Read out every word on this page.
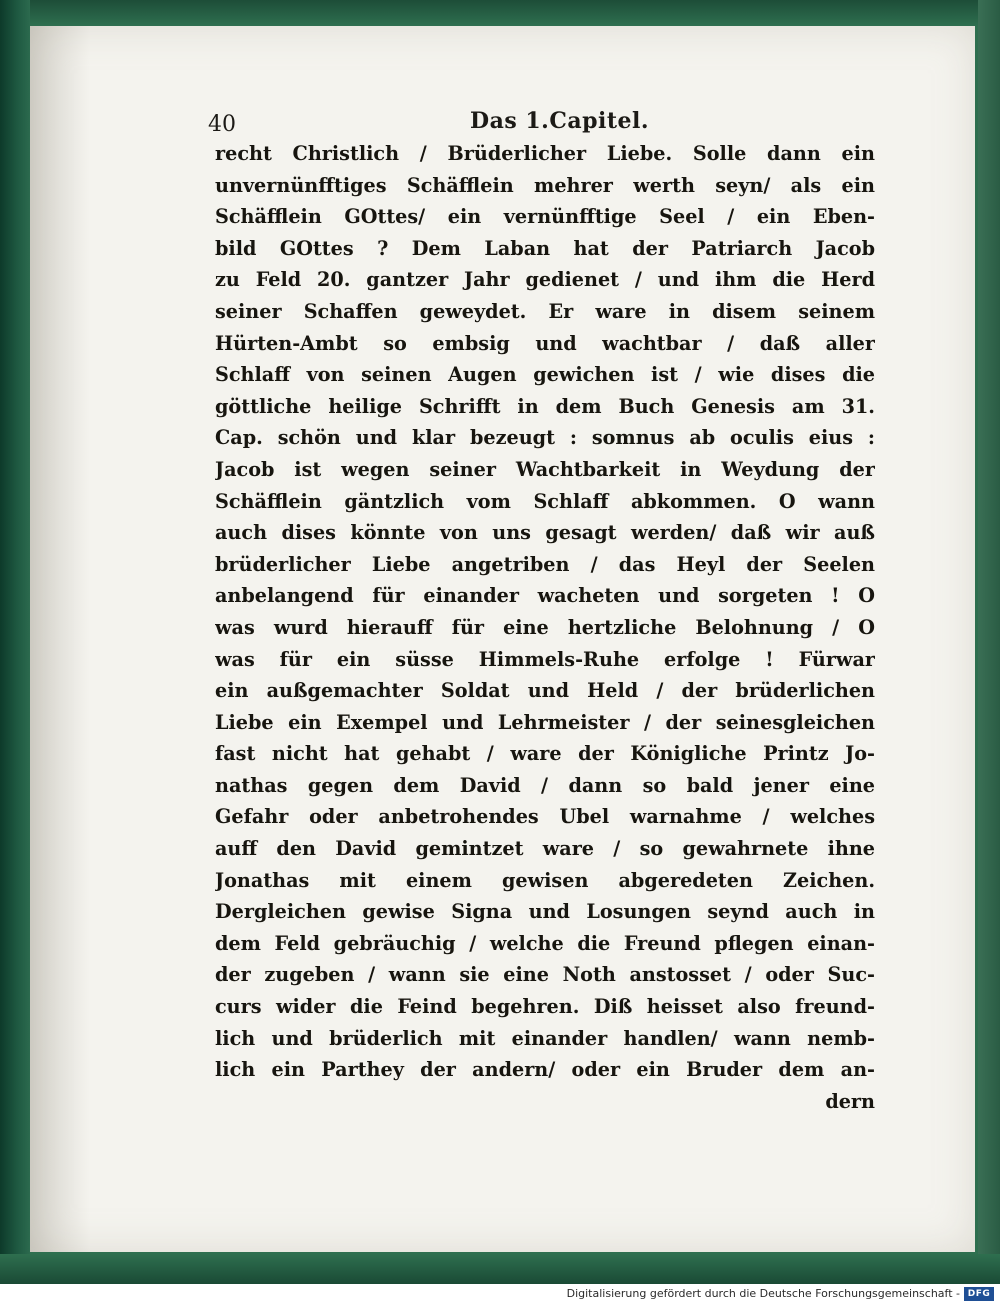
40	Das 1.Capitel.
recht Christlich / Brüderlicher Liebe. Solle dann ein
unvernünfftiges Schäfflein mehrer werth seyn/ als ein
Schäfflein GOttes/ ein vernünfftige Seel / ein Eben-
bild GOttes ? Dem Laban hat der Patriarch Jacob
zu Feld 20. gantzer Jahr gedienet / und ihm die Herd
seiner Schaffen geweydet. Er ware in disem seinem
Hürten-Ambt so embsig und wachtbar / daß aller
Schlaff von seinen Augen gewichen ist / wie dises die
göttliche heilige Schrifft in dem Buch Genesis am 31.
Cap. schön und klar bezeugt : somnus ab oculis eius :
Jacob ist wegen seiner Wachtbarkeit in Weydung der
Schäfflein gäntzlich vom Schlaff abkommen. O wann
auch dises könnte von uns gesagt werden/ daß wir auß
brüderlicher Liebe angetriben / das Heyl der Seelen
anbelangend für einander wacheten und sorgeten ! O
was wurd hierauff für eine hertzliche Belohnung / O
was für ein süsse Himmels-Ruhe erfolge ! Fürwar
ein außgemachter Soldat und Held / der brüderlichen
Liebe ein Exempel und Lehrmeister / der seinesgleichen
fast nicht hat gehabt / ware der Königliche Printz Jo-
nathas gegen dem David / dann so bald jener eine
Gefahr oder anbetrohendes Ubel warnahme / welches
auff den David gemintzet ware / so gewahrnete ihne
Jonathas mit einem gewisen abgeredeten Zeichen.
Dergleichen gewise Signa und Losungen seynd auch in
dem Feld gebräuchig / welche die Freund pflegen einan-
der zugeben / wann sie eine Noth anstosset / oder Suc-
curs wider die Feind begehren. Diß heisset also freund-
lich und brüderlich mit einander handlen/ wann nemb-
lich ein Parthey der andern/ oder ein Bruder dem an-
dern
Digitalisierung gefördert durch die Deutsche Forschungsgemeinschaft - DFG
